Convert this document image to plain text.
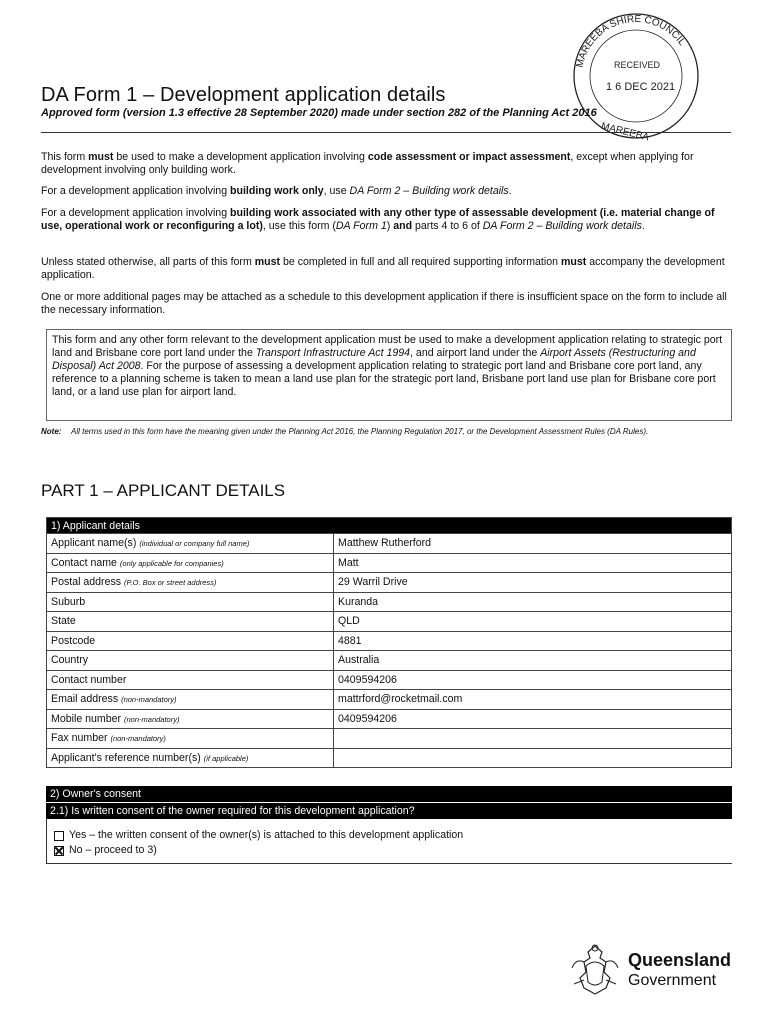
MAREEBA SHIRE COUNCIL
RECEIVED
1 6 DEC 2021
MAREEBA
DA Form 1 – Development application details
Approved form (version 1.3 effective 28 September 2020) made under section 282 of the Planning Act 2016

This form must be used to make a development application involving code assessment or impact assessment, except when applying for development involving only building work.

For a development application involving building work only, use DA Form 2 – Building work details.

For a development application involving building work associated with any other type of assessable development (i.e. material change of use, operational work or reconfiguring a lot), use this form (DA Form 1) and parts 4 to 6 of DA Form 2 – Building work details.

Unless stated otherwise, all parts of this form must be completed in full and all required supporting information must accompany the development application.

One or more additional pages may be attached as a schedule to this development application if there is insufficient space on the form to include all the necessary information.

This form and any other form relevant to the development application must be used to make a development application relating to strategic port land and Brisbane core port land under the Transport Infrastructure Act 1994, and airport land under the Airport Assets (Restructuring and Disposal) Act 2008. For the purpose of assessing a development application relating to strategic port land and Brisbane core port land, any reference to a planning scheme is taken to mean a land use plan for the strategic port land, Brisbane port land use plan for Brisbane core port land, or a land use plan for airport land.
Note: All terms used in this form have the meaning given under the Planning Act 2016, the Planning Regulation 2017, or the Development Assessment Rules (DA Rules).
PART 1 – APPLICANT DETAILS
1) Applicant details	
Applicant name(s) (individual or company full name)	Matthew Rutherford
Contact name (only applicable for companies)	Matt
Postal address (P.O. Box or street address)	29 Warril Drive
Suburb	Kuranda
State	QLD
Postcode	4881
Country	Australia
Contact number	0409594206
Email address (non-mandatory)	mattrford@rocketmail.com
Mobile number (non-mandatory)	0409594206
Fax number (non-mandatory)	
Applicant's reference number(s) (if applicable)	
2) Owner's consent
2.1) Is written consent of the owner required for this development application?
Yes – the written consent of the owner(s) is attached to this development application
No – proceed to 3)
Queensland
Government
